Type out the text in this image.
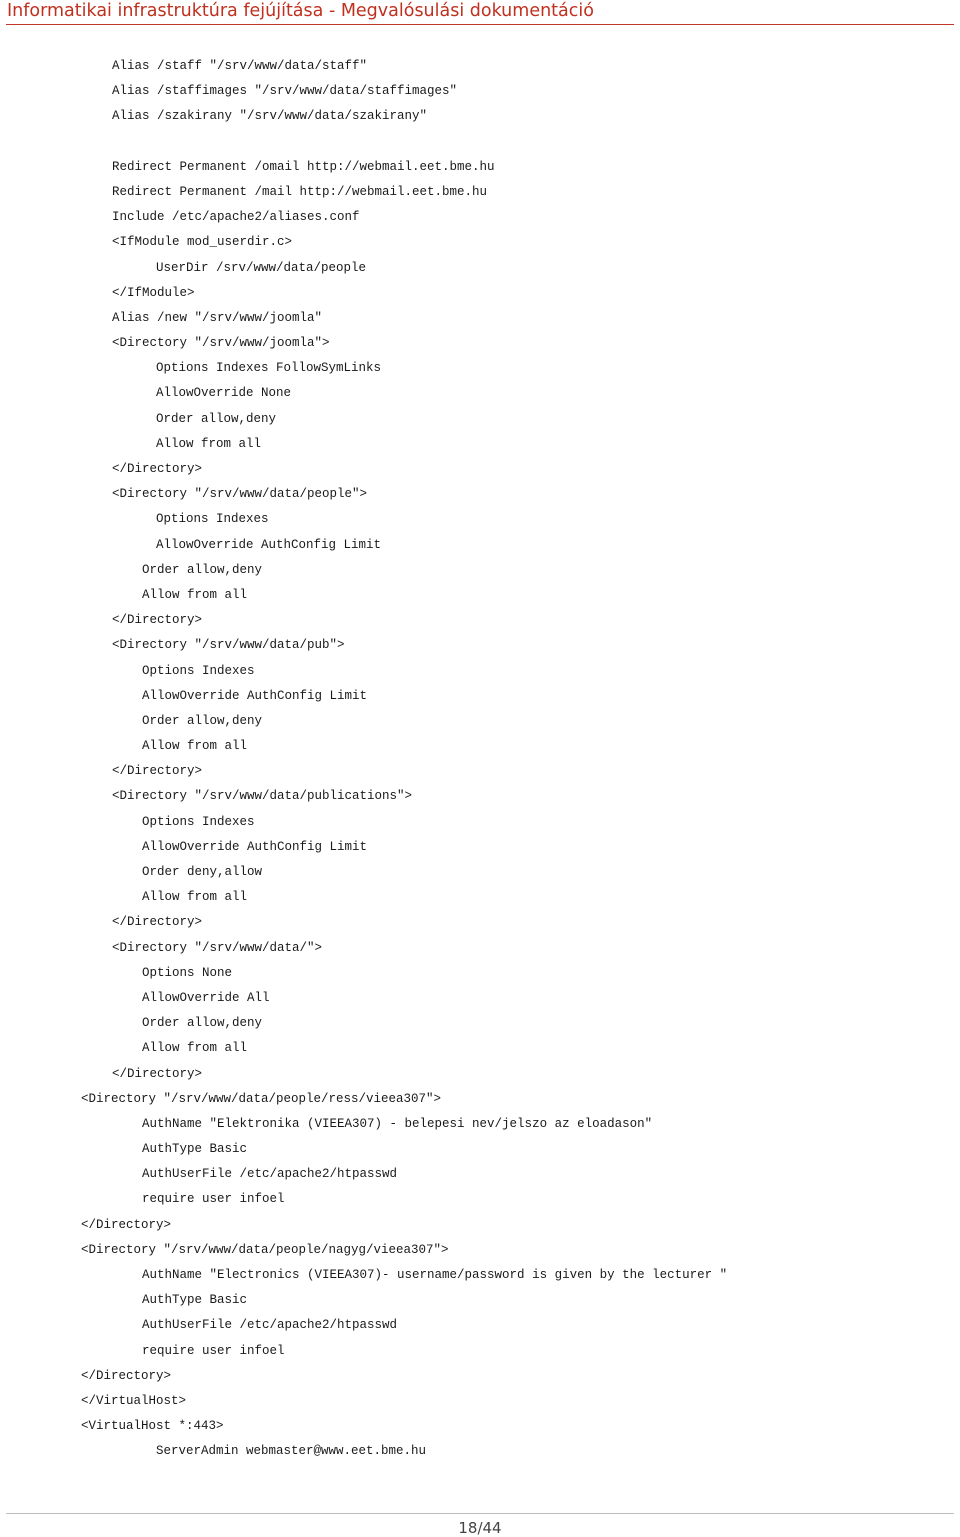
Informatikai infrastruktúra fejújítása - Megvalósulási dokumentáció
Alias /staff "/srv/www/data/staff"
Alias /staffimages "/srv/www/data/staffimages"
Alias /szakirany "/srv/www/data/szakirany"
Redirect Permanent /omail http://webmail.eet.bme.hu
Redirect Permanent /mail http://webmail.eet.bme.hu
Include /etc/apache2/aliases.conf
<IfModule mod_userdir.c>
UserDir /srv/www/data/people
</IfModule>
Alias /new "/srv/www/joomla"
<Directory "/srv/www/joomla">
Options Indexes FollowSymLinks
AllowOverride None
Order allow,deny
Allow from all
</Directory>
<Directory "/srv/www/data/people">
Options Indexes
AllowOverride AuthConfig Limit
Order allow,deny
Allow from all
</Directory>
<Directory "/srv/www/data/pub">
Options Indexes
AllowOverride AuthConfig Limit
Order allow,deny
Allow from all
</Directory>
<Directory "/srv/www/data/publications">
Options Indexes
AllowOverride AuthConfig Limit
Order deny,allow
Allow from all
</Directory>
<Directory "/srv/www/data/">
Options None
AllowOverride All
Order allow,deny
Allow from all
</Directory>
<Directory "/srv/www/data/people/ress/vieea307">
AuthName "Elektronika (VIEEA307) - belepesi nev/jelszo az eloadason"
AuthType Basic
AuthUserFile /etc/apache2/htpasswd
require user infoel
</Directory>
<Directory "/srv/www/data/people/nagyg/vieea307">
AuthName "Electronics (VIEEA307)- username/password is given by the lecturer "
AuthType Basic
AuthUserFile /etc/apache2/htpasswd
require user infoel
</Directory>
</VirtualHost>
<VirtualHost *:443>
ServerAdmin webmaster@www.eet.bme.hu
18/44
